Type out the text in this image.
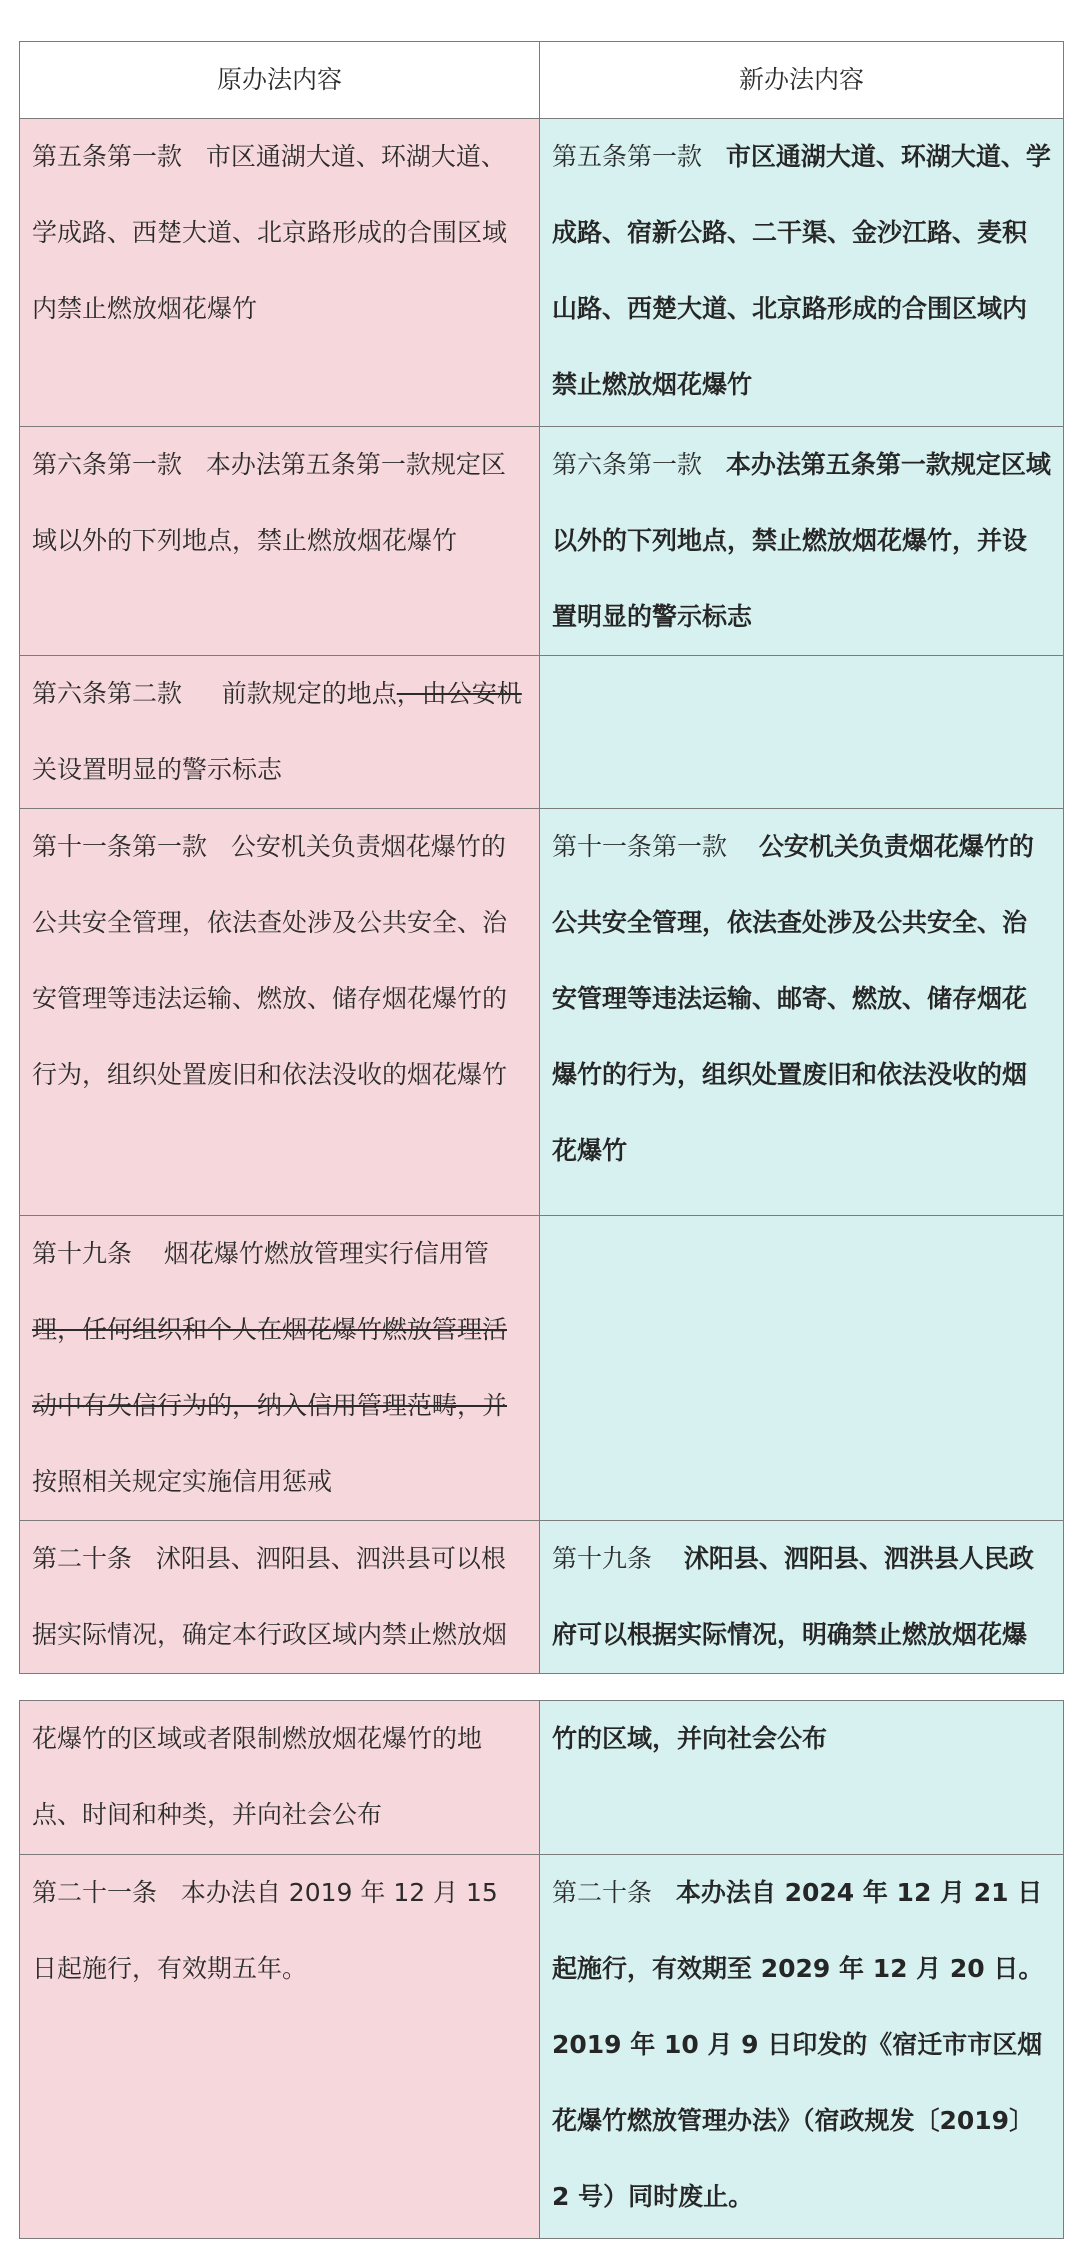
原办法内容	新办法内容
第五条第一款 市区通湖大道、环湖大道、学成路、西楚大道、北京路形成的合围区域内禁止燃放烟花爆竹	第五条第一款 市区通湖大道、环湖大道、学成路、宿新公路、二干渠、金沙江路、麦积山路、西楚大道、北京路形成的合围区域内禁止燃放烟花爆竹
第六条第一款 本办法第五条第一款规定区域以外的下列地点，禁止燃放烟花爆竹	第六条第一款 本办法第五条第一款规定区域以外的下列地点，禁止燃放烟花爆竹，并设置明显的警示标志
第六条第二款 前款规定的地点，由公安机关设置明显的警示标志	
第十一条第一款 公安机关负责烟花爆竹的公共安全管理，依法查处涉及公共安全、治安管理等违法运输、燃放、储存烟花爆竹的行为，组织处置废旧和依法没收的烟花爆竹	第十一条第一款 公安机关负责烟花爆竹的公共安全管理，依法查处涉及公共安全、治安管理等违法运输、邮寄、燃放、储存烟花爆竹的行为，组织处置废旧和依法没收的烟花爆竹
第十九条 烟花爆竹燃放管理实行信用管
理，任何组织和个人在烟花爆竹燃放管理活
动中有失信行为的，纳入信用管理范畴，并
按照相关规定实施信用惩戒	
第二十条 沭阳县、泗阳县、泗洪县可以根据实际情况，确定本行政区域内禁止燃放烟	第十九条 沭阳县、泗阳县、泗洪县人民政府可以根据实际情况，明确禁止燃放烟花爆
花爆竹的区域或者限制燃放烟花爆竹的地点、时间和种类，并向社会公布	竹的区域，并向社会公布
第二十一条 本办法自 2019 年 12 月 15 日起施行，有效期五年。	第二十条 本办法自 2024 年 12 月 21 日起施行，有效期至 2029 年 12 月 20 日。2019 年 10 月 9 日印发的《宿迁市市区烟花爆竹燃放管理办法》（宿政规发〔2019〕2 号）同时废止。
